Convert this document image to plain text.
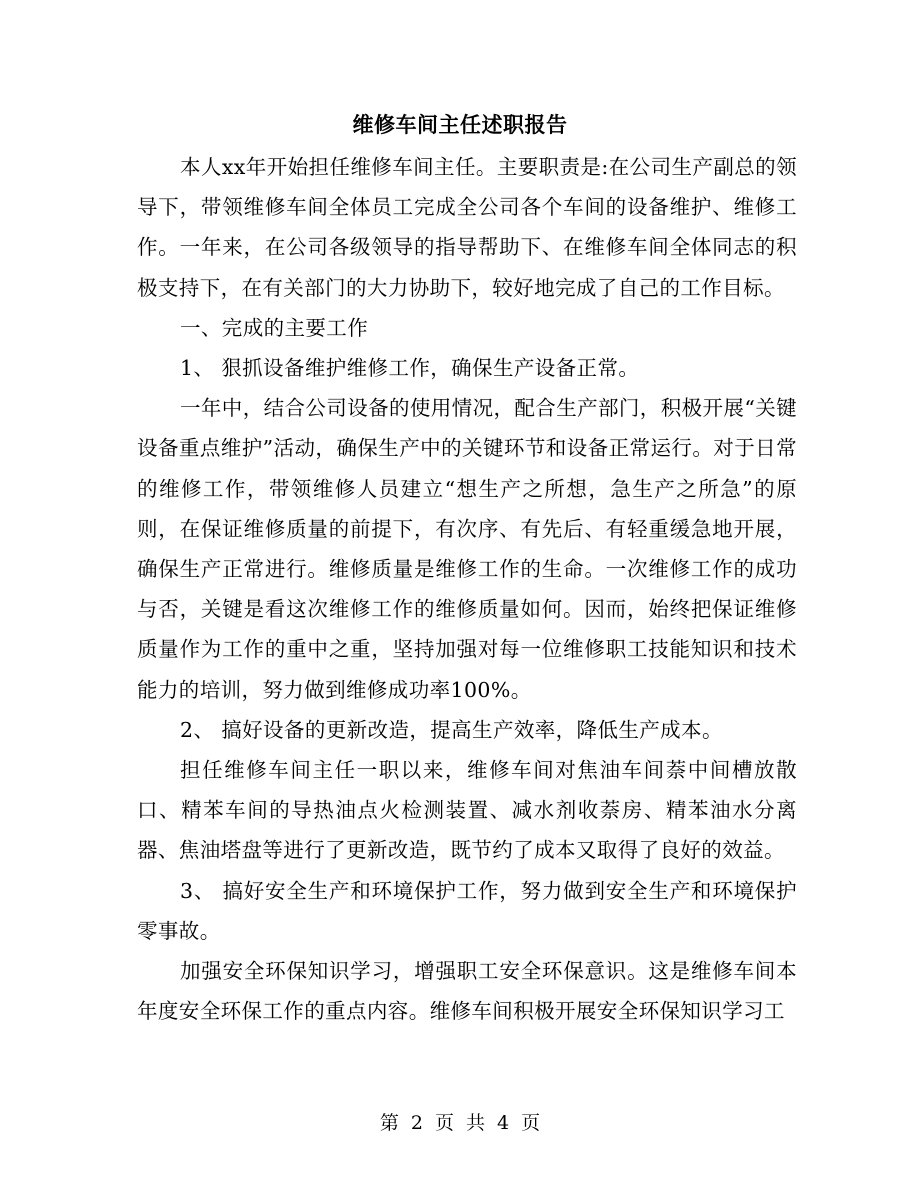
维修车间主任述职报告

本人xx年开始担任维修车间主任。主要职责是:在公司生产副总的领导下，带领维修车间全体员工完成全公司各个车间的设备维护、维修工作。一年来，在公司各级领导的指导帮助下、在维修车间全体同志的积极支持下，在有关部门的大力协助下，较好地完成了自己的工作目标。

一、完成的主要工作

1、 狠抓设备维护维修工作，确保生产设备正常。

一年中，结合公司设备的使用情况，配合生产部门，积极开展“关键设备重点维护”活动，确保生产中的关键环节和设备正常运行。对于日常的维修工作，带领维修人员建立“想生产之所想，急生产之所急”的原则，在保证维修质量的前提下，有次序、有先后、有轻重缓急地开展，确保生产正常进行。维修质量是维修工作的生命。一次维修工作的成功与否，关键是看这次维修工作的维修质量如何。因而，始终把保证维修质量作为工作的重中之重，坚持加强对每一位维修职工技能知识和技术能力的培训，努力做到维修成功率100%。

2、 搞好设备的更新改造，提高生产效率，降低生产成本。

担任维修车间主任一职以来，维修车间对焦油车间萘中间槽放散口、精苯车间的导热油点火检测装置、减水剂收萘房、精苯油水分离器、焦油塔盘等进行了更新改造，既节约了成本又取得了良好的效益。

3、 搞好安全生产和环境保护工作，努力做到安全生产和环境保护零事故。

加强安全环保知识学习，增强职工安全环保意识。这是维修车间本年度安全环保工作的重点内容。维修车间积极开展安全环保知识学习工

第 2 页 共 4 页
